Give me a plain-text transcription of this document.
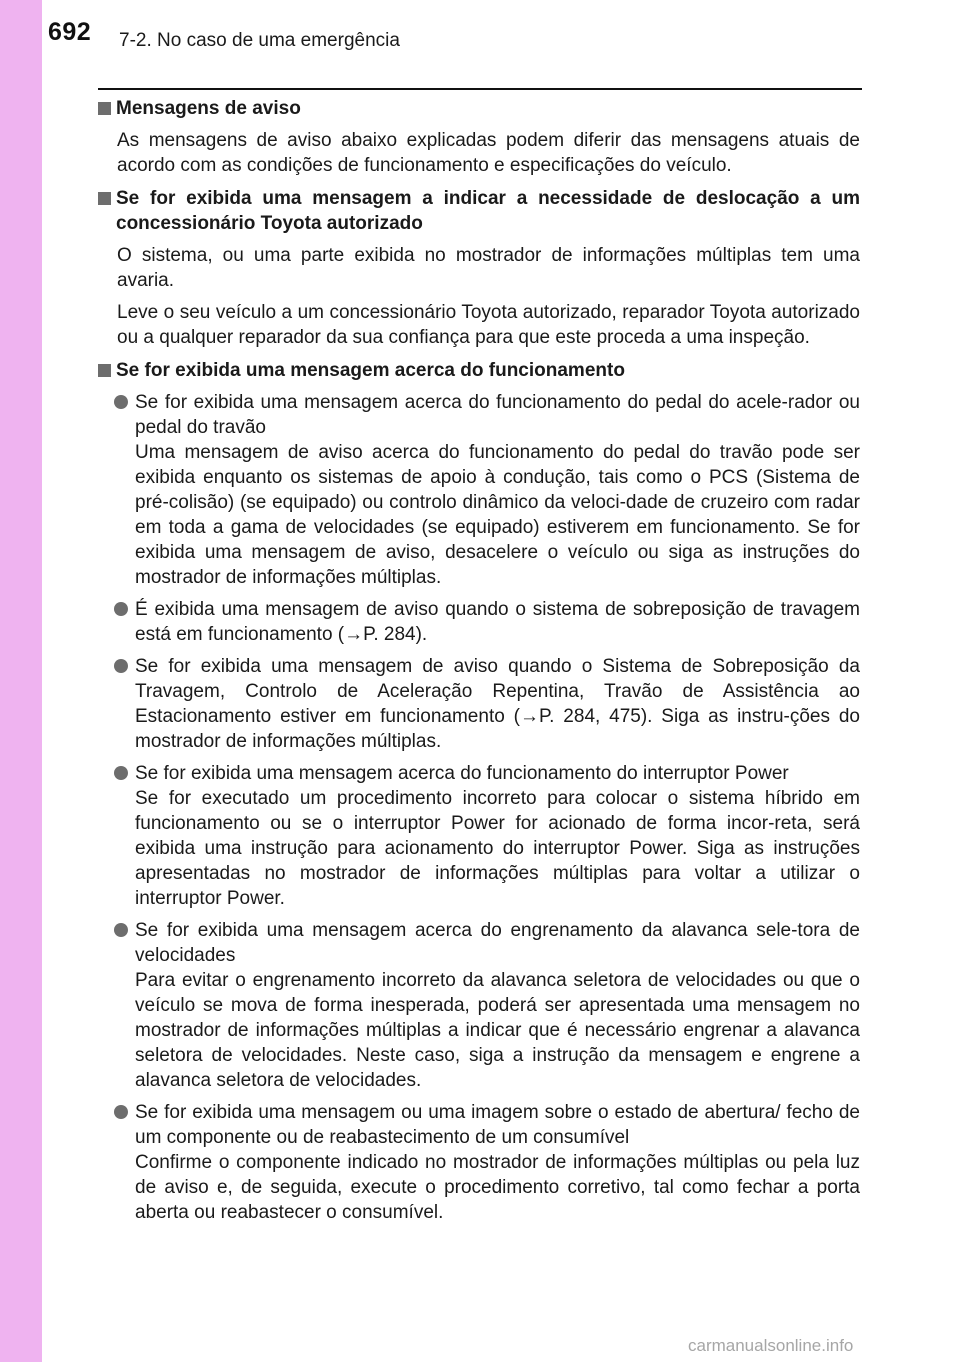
692 7-2. No caso de uma emergência
Mensagens de aviso
As mensagens de aviso abaixo explicadas podem diferir das mensagens atuais de acordo com as condições de funcionamento e especificações do veículo.
Se for exibida uma mensagem a indicar a necessidade de deslocação a um concessionário Toyota autorizado
O sistema, ou uma parte exibida no mostrador de informações múltiplas tem uma avaria.
Leve o seu veículo a um concessionário Toyota autorizado, reparador Toyota autorizado ou a qualquer reparador da sua confiança para que este proceda a uma inspeção.
Se for exibida uma mensagem acerca do funcionamento
Se for exibida uma mensagem acerca do funcionamento do pedal do acele-rador ou pedal do travão
Uma mensagem de aviso acerca do funcionamento do pedal do travão pode ser exibida enquanto os sistemas de apoio à condução, tais como o PCS (Sistema de pré-colisão) (se equipado) ou controlo dinâmico da veloci-dade de cruzeiro com radar em toda a gama de velocidades (se equipado) estiverem em funcionamento. Se for exibida uma mensagem de aviso, desacelere o veículo ou siga as instruções do mostrador de informações múltiplas.
É exibida uma mensagem de aviso quando o sistema de sobreposição de travagem está em funcionamento (→P. 284).
Se for exibida uma mensagem de aviso quando o Sistema de Sobreposição da Travagem, Controlo de Aceleração Repentina, Travão de Assistência ao Estacionamento estiver em funcionamento (→P. 284, 475). Siga as instru-ções do mostrador de informações múltiplas.
Se for exibida uma mensagem acerca do funcionamento do interruptor Power
Se for executado um procedimento incorreto para colocar o sistema híbrido em funcionamento ou se o interruptor Power for acionado de forma incor-reta, será exibida uma instrução para acionamento do interruptor Power. Siga as instruções apresentadas no mostrador de informações múltiplas para voltar a utilizar o interruptor Power.
Se for exibida uma mensagem acerca do engrenamento da alavanca sele-tora de velocidades
Para evitar o engrenamento incorreto da alavanca seletora de velocidades ou que o veículo se mova de forma inesperada, poderá ser apresentada uma mensagem no mostrador de informações múltiplas a indicar que é necessário engrenar a alavanca seletora de velocidades. Neste caso, siga a instrução da mensagem e engrene a alavanca seletora de velocidades.
Se for exibida uma mensagem ou uma imagem sobre o estado de abertura/ fecho de um componente ou de reabastecimento de um consumível
Confirme o componente indicado no mostrador de informações múltiplas ou pela luz de aviso e, de seguida, execute o procedimento corretivo, tal como fechar a porta aberta ou reabastecer o consumível.
carmanualsonline.info
